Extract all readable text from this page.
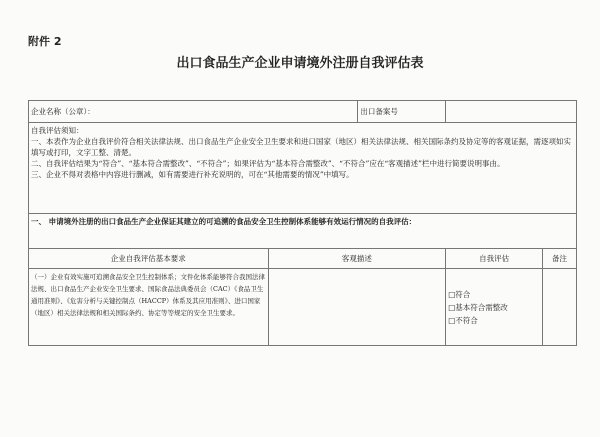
附件 2
出口食品生产企业申请境外注册自我评估表
企业名称（公章）：		出口备案号		

自我评估须知：
一、本表作为企业自我评价符合相关法律法规、出口食品生产企业安全卫生要求和进口国家（地区）相关法律法规、相关国际条约及协定等的客观证据，需逐项如实填写或打印，文字工整、清楚。
二、自我评估结果为“符合”、“基本符合需整改”、“不符合”；如果评估为“基本符合需整改”、“不符合”应在“客观描述”栏中进行简要说明事由。
三、企业不得对表格中内容进行删减，如有需要进行补充说明的，可在“其他需要的情况”中填写。				

一、 申请境外注册的出口食品生产企业保证其建立的可追溯的食品安全卫生控制体系能够有效运行情况的自我评估：				
企业自我评估基本要求	客观描述		自我评估	备注
（一）企业有效实施可追溯食品安全卫生控制体系；文件化体系能够符合我国法律法规、出口食品生产企业安全卫生要求、国际食品法典委员会（CAC）《食品卫生通用准则》、《危害分析与关键控制点（HACCP）体系及其应用准则》、进口国家（地区）相关法律法规和相关国际条约、协定等等规定的安全卫生要求。			□符合
□基本符合需整改
□不符合	
